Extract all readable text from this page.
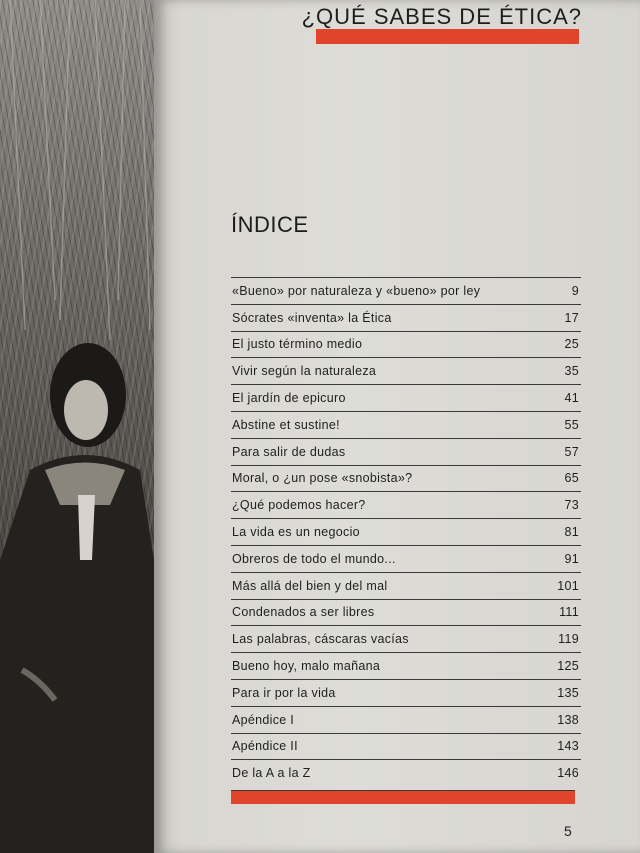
¿QUÉ SABES DE ÉTICA?
ÍNDICE
«Bueno» por naturaleza y «bueno» por ley	9
Sócrates «inventa» la Ética	17
El justo término medio	25
Vivir según la naturaleza	35
El jardín de epicuro	41
Abstine et sustine!	55
Para salir de dudas	57
Moral, o ¿un pose «snobista»?	65
¿Qué podemos hacer?	73
La vida es un negocio	81
Obreros de todo el mundo...	91
Más allá del bien y del mal	101
Condenados a ser libres	111
Las palabras, cáscaras vacías	119
Bueno hoy, malo mañana	125
Para ir por la vida	135
Apéndice I	138
Apéndice II	143
De la A a la Z	146
5
